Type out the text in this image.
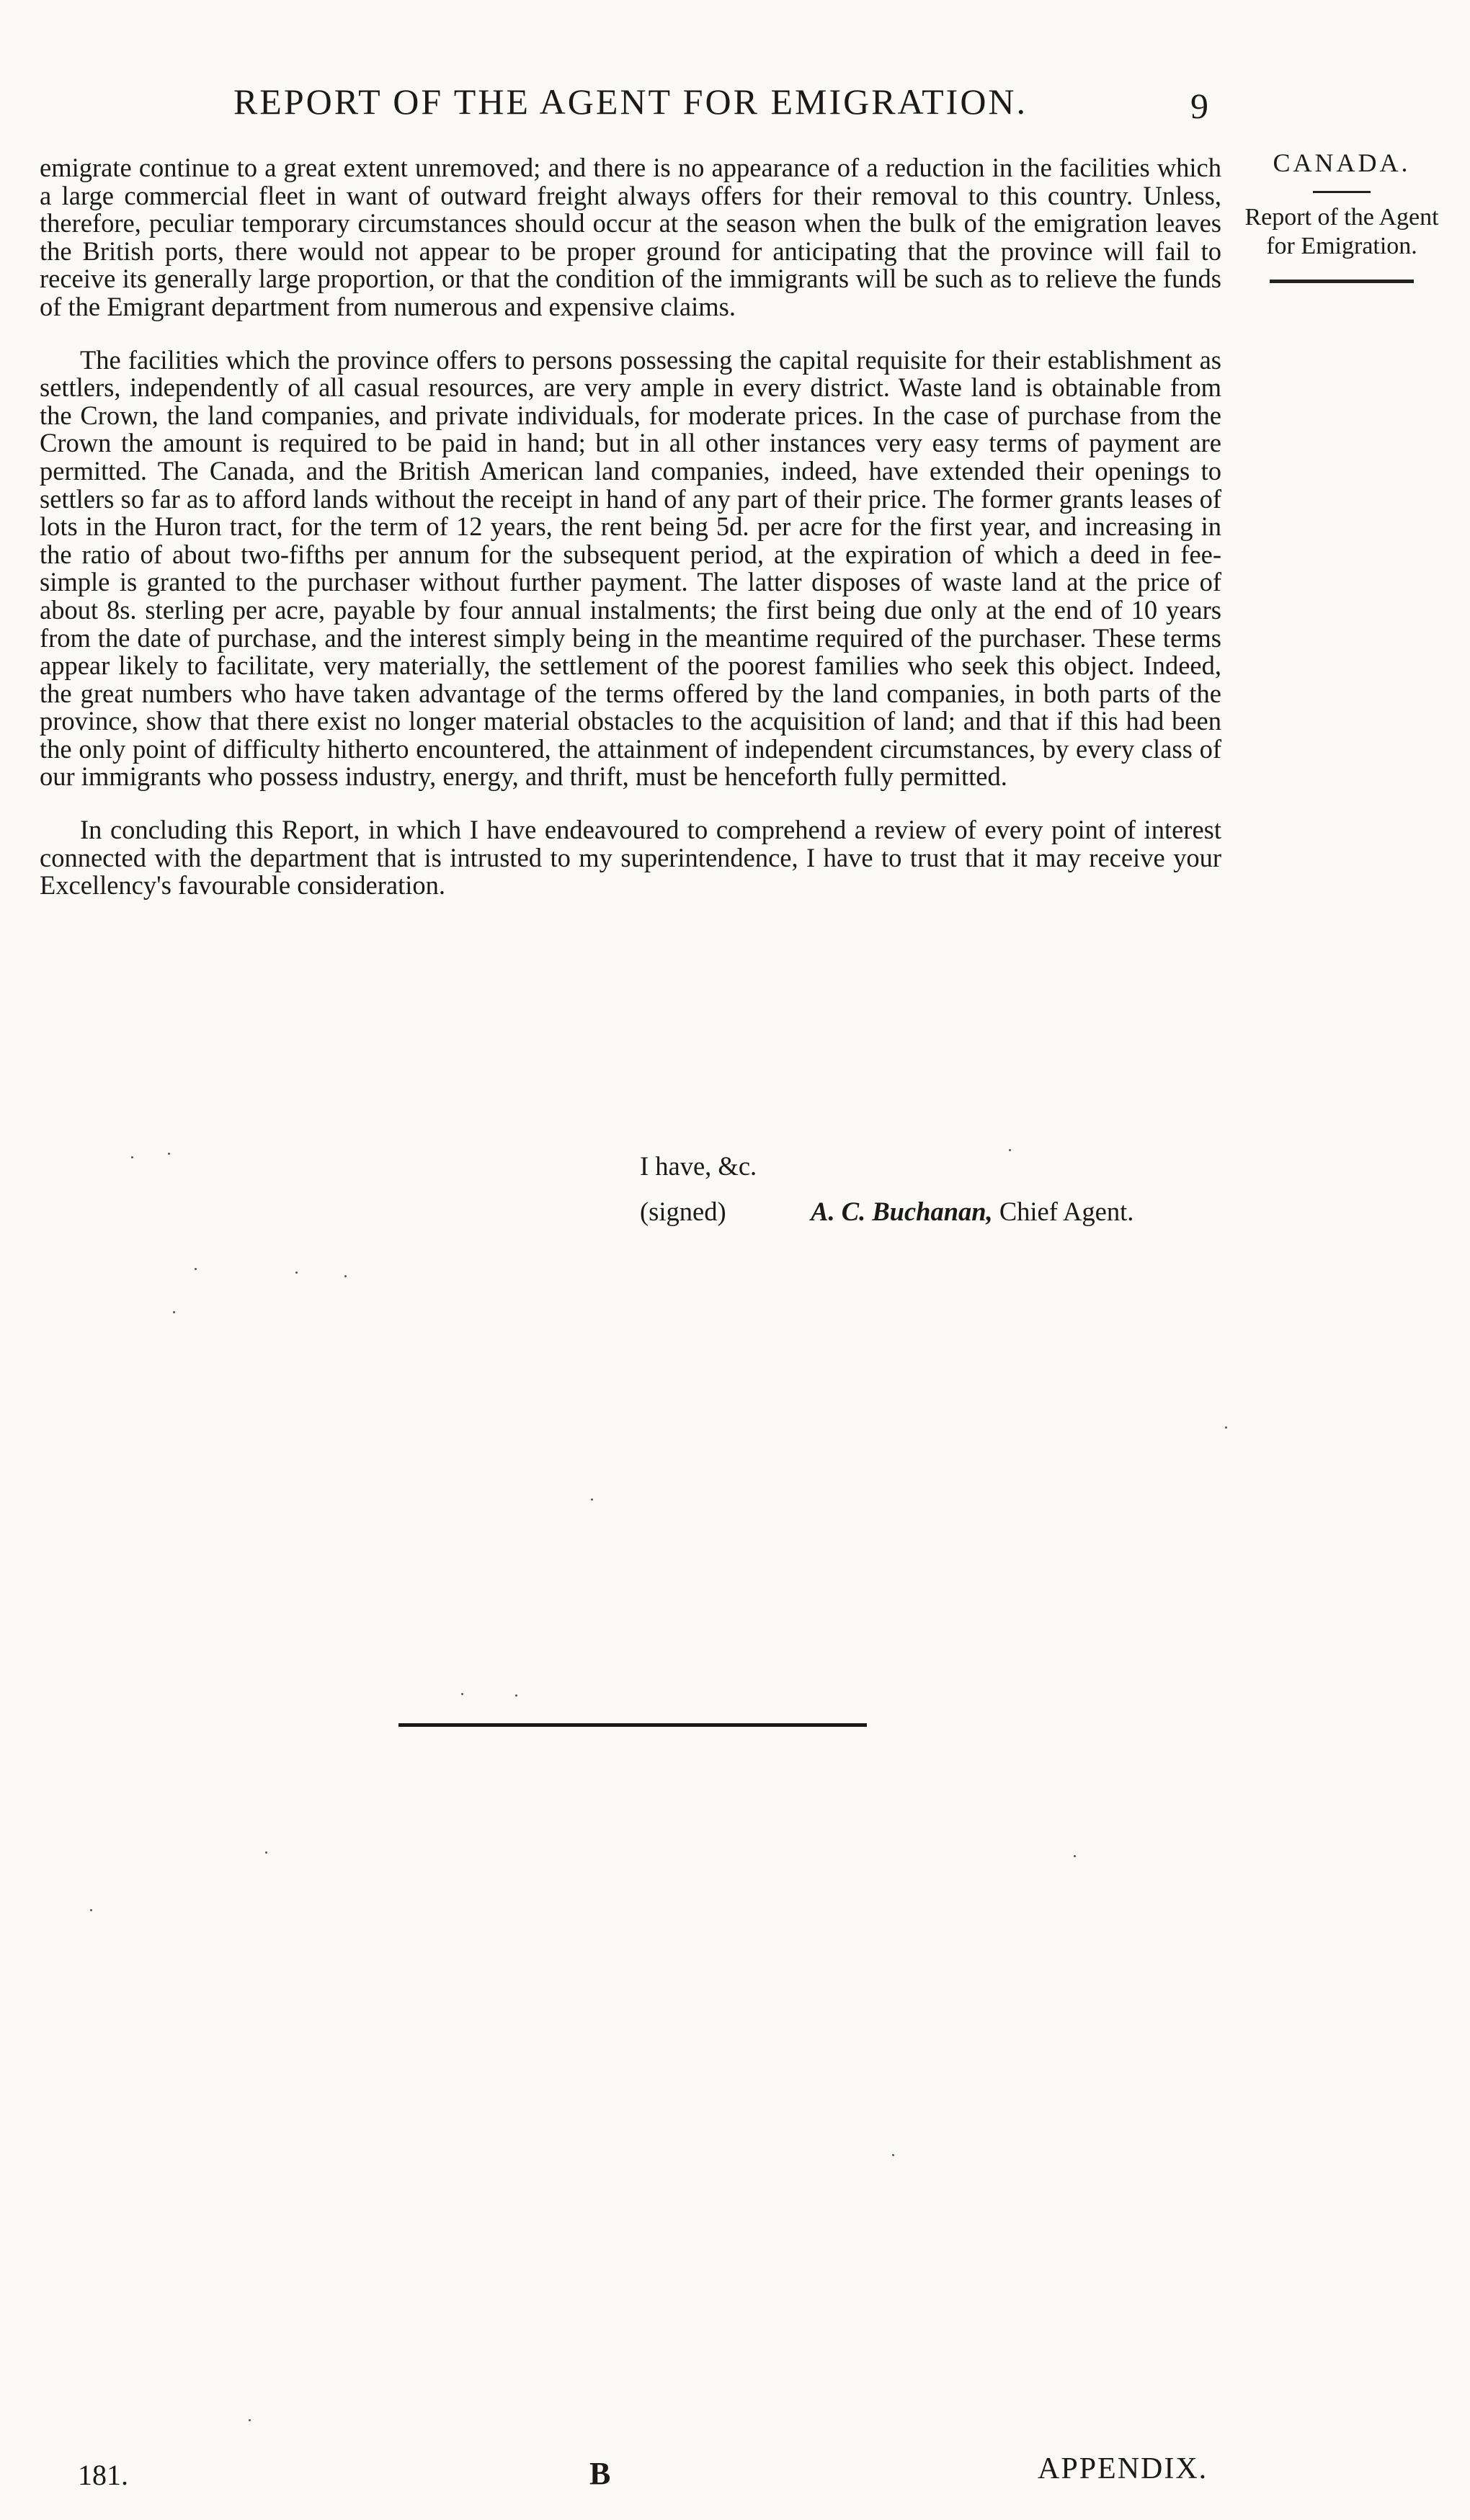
REPORT OF THE AGENT FOR EMIGRATION.	9
CANADA.
Report of the Agent for Emigration.

emigrate continue to a great extent unremoved; and there is no appearance of a reduction in the facilities which a large commercial fleet in want of outward freight always offers for their removal to this country. Unless, therefore, peculiar temporary circumstances should occur at the season when the bulk of the emigration leaves the British ports, there would not appear to be proper ground for anticipating that the province will fail to receive its generally large proportion, or that the condition of the immigrants will be such as to relieve the funds of the Emigrant department from numerous and expensive claims.

The facilities which the province offers to persons possessing the capital requisite for their establishment as settlers, independently of all casual resources, are very ample in every district. Waste land is obtainable from the Crown, the land companies, and private individuals, for moderate prices. In the case of purchase from the Crown the amount is required to be paid in hand; but in all other instances very easy terms of payment are permitted. The Canada, and the British American land companies, indeed, have extended their openings to settlers so far as to afford lands without the receipt in hand of any part of their price. The former grants leases of lots in the Huron tract, for the term of 12 years, the rent being 5d. per acre for the first year, and increasing in the ratio of about two-fifths per annum for the subsequent period, at the expiration of which a deed in fee-simple is granted to the purchaser without further payment. The latter disposes of waste land at the price of about 8s. sterling per acre, payable by four annual instalments; the first being due only at the end of 10 years from the date of purchase, and the interest simply being in the meantime required of the purchaser. These terms appear likely to facilitate, very materially, the settlement of the poorest families who seek this object. Indeed, the great numbers who have taken advantage of the terms offered by the land companies, in both parts of the province, show that there exist no longer material obstacles to the acquisition of land; and that if this had been the only point of difficulty hitherto encountered, the attainment of independent circumstances, by every class of our immigrants who possess industry, energy, and thrift, must be henceforth fully permitted.

In concluding this Report, in which I have endeavoured to comprehend a review of every point of interest connected with the department that is intrusted to my superintendence, I have to trust that it may receive your Excellency's favourable consideration.

I have, &c.
(signed)	A. C. Buchanan, Chief Agent.
181.	B	APPENDIX.
